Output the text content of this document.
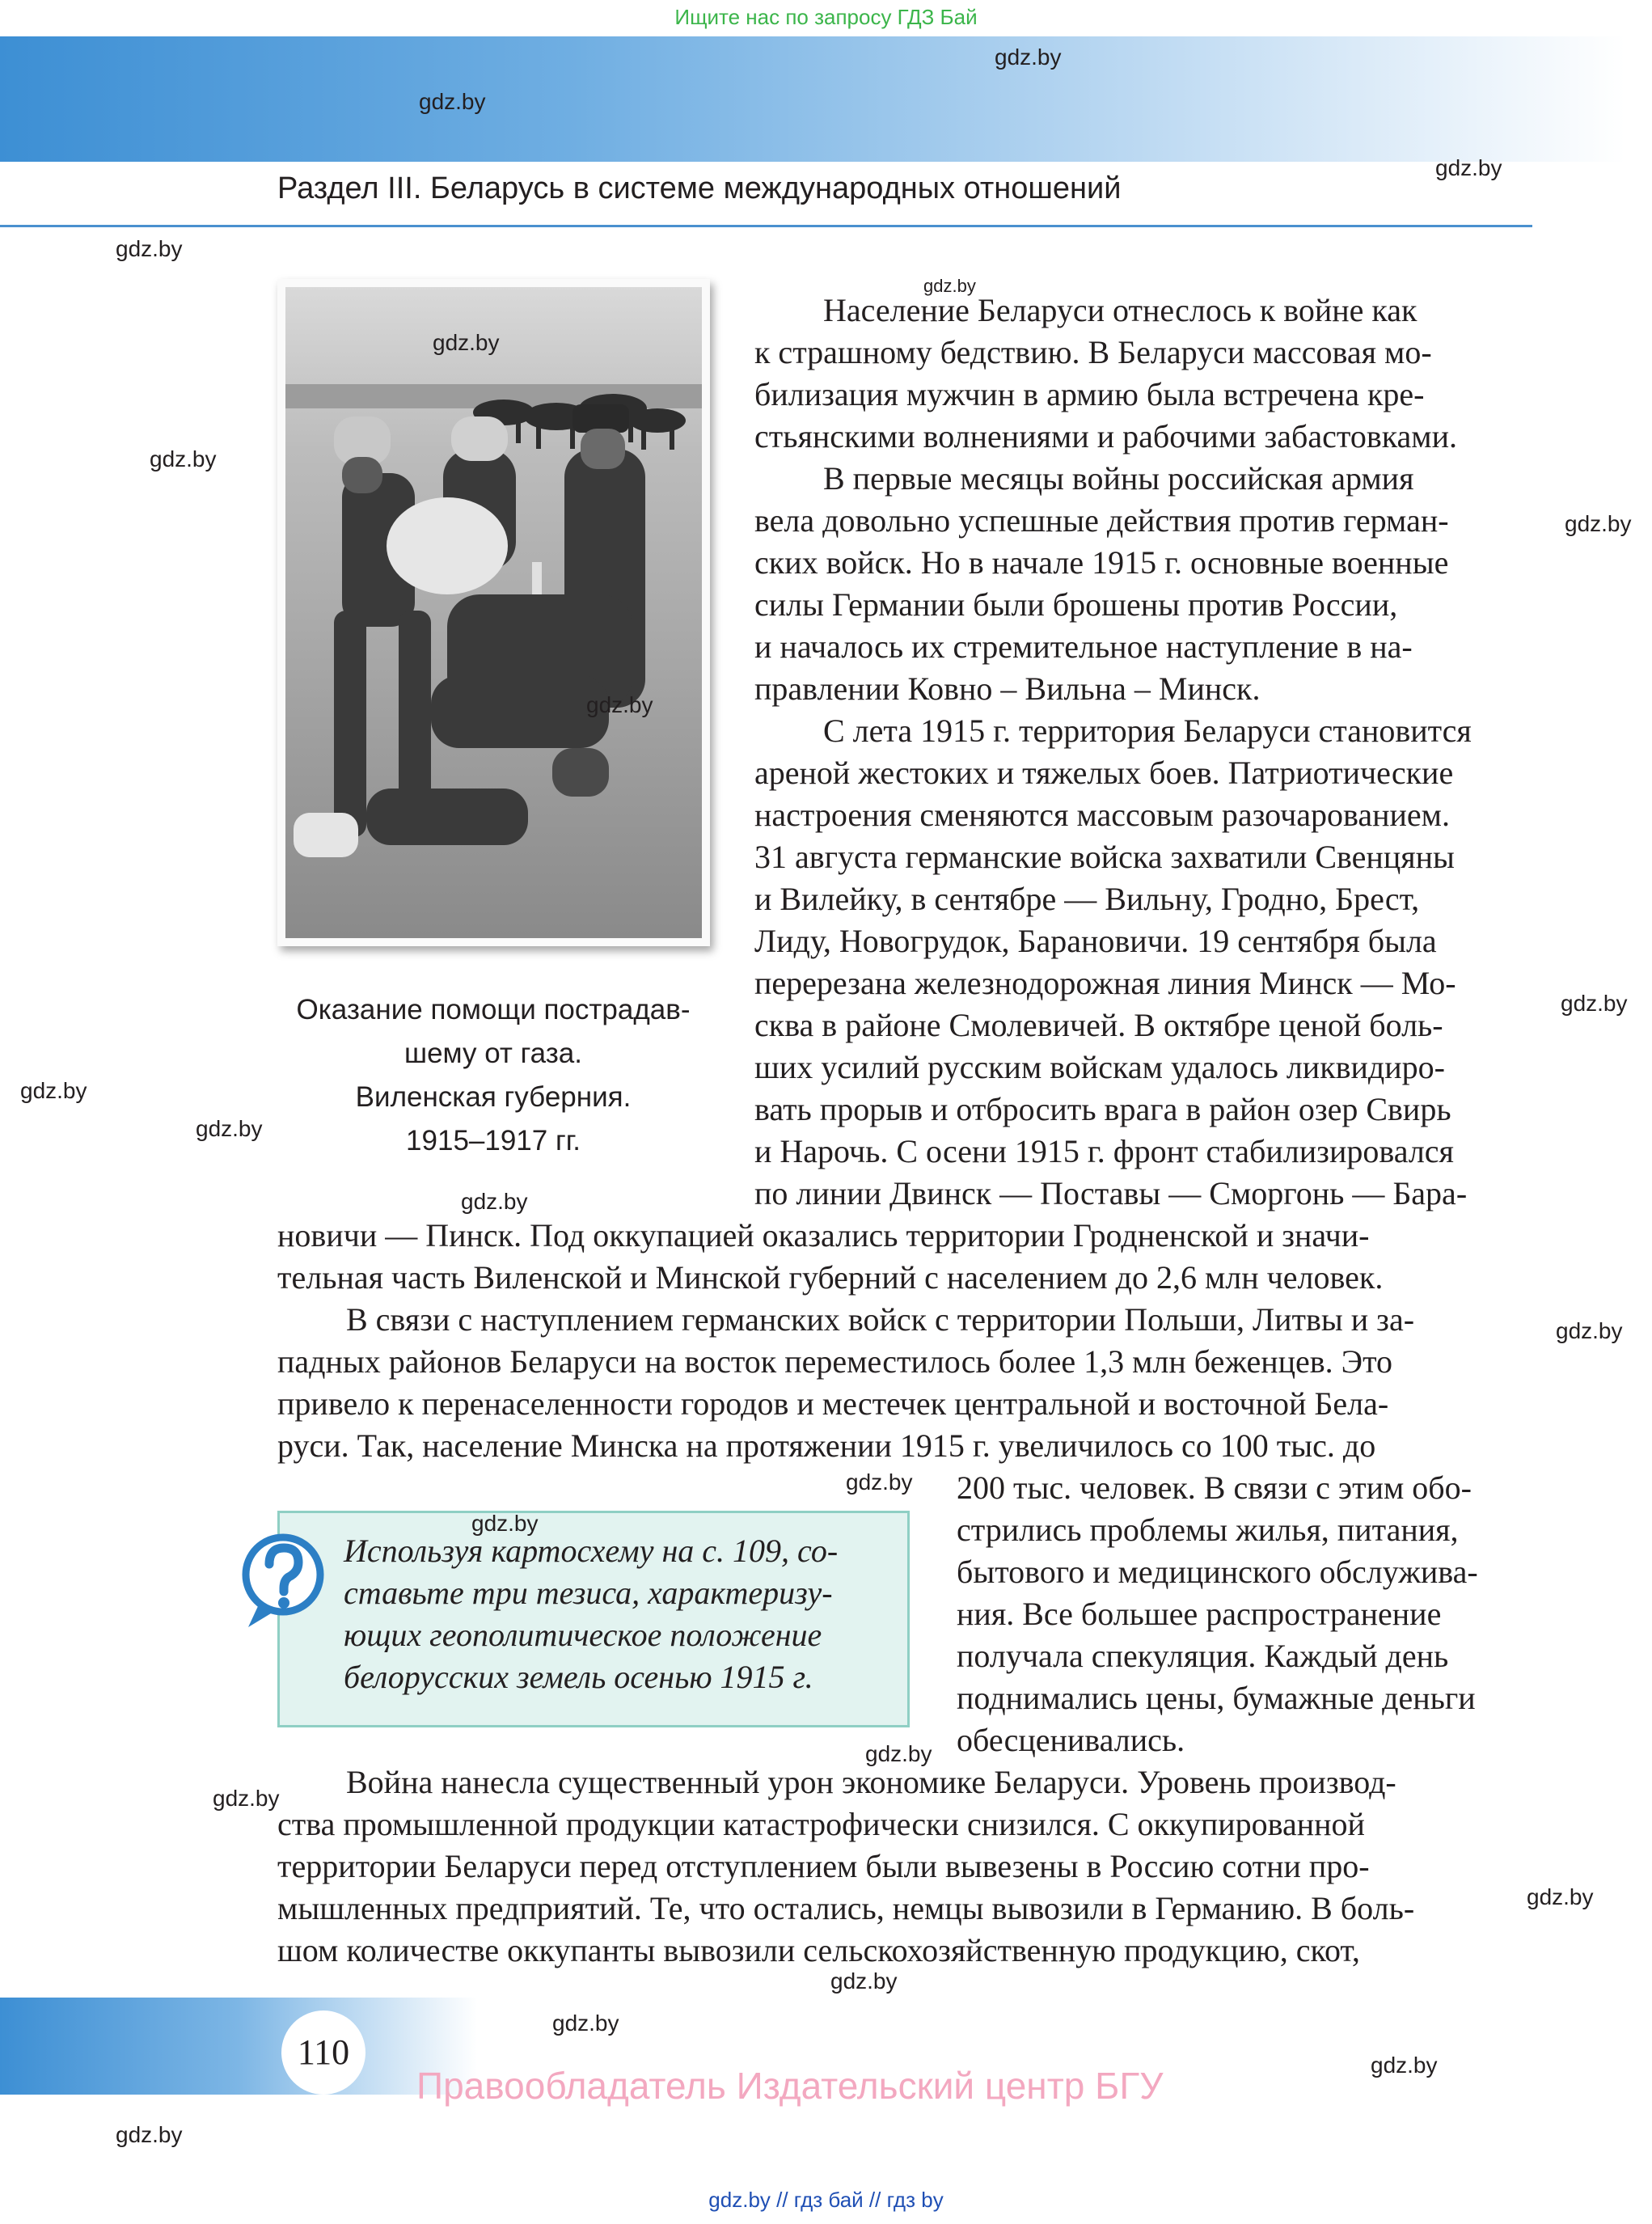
Ищите нас по запросу ГДЗ Бай
Раздел III. Беларусь в системе международных отношений
Оказание помощи пострадав-
шему от газа.
Виленская губерния.
1915–1917 гг.
Население Беларуси отнеслось к войне как
к страшному бедствию. В Беларуси массовая мо-
билизация мужчин в армию была встречена кре-
стьянскими волнениями и рабочими забастовками.
В первые месяцы войны российская армия
вела довольно успешные действия против герман-
ских войск. Но в начале 1915 г. основные военные
силы Германии были брошены против России,
и началось их стремительное наступление в на-
правлении Ковно – Вильна – Минск.
С лета 1915 г. территория Беларуси становится
ареной жестоких и тяжелых боев. Патриотические
настроения сменяются массовым разочарованием.
31 августа германские войска захватили Свенцяны
и Вилейку, в сентябре — Вильну, Гродно, Брест,
Лиду, Новогрудок, Барановичи. 19 сентября была
перерезана железнодорожная линия Минск — Мо-
сква в районе Смолевичей. В октябре ценой боль-
ших усилий русским войскам удалось ликвидиро-
вать прорыв и отбросить врага в район озер Свирь
и Нарочь. С осени 1915 г. фронт стабилизировался
по линии Двинск — Поставы — Сморгонь — Бара-
новичи — Пинск. Под оккупацией оказались территории Гродненской и значи-
тельная часть Виленской и Минской губерний с населением до 2,6 млн человек.
В связи с наступлением германских войск с территории Польши, Литвы и за-
падных районов Беларуси на восток переместилось более 1,3 млн беженцев. Это
привело к перенаселенности городов и местечек центральной и восточной Бела-
руси. Так, население Минска на протяжении 1915 г. увеличилось со 100 тыс. до
200 тыс. человек. В связи с этим обо-
стрились проблемы жилья, питания,
бытового и медицинского обслужива-
ния. Все большее распространение
получала спекуляция. Каждый день
поднимались цены, бумажные деньги
обесценивались.
Война нанесла существенный урон экономике Беларуси. Уровень производ-
ства промышленной продукции катастрофически снизился. С оккупированной
территории Беларуси перед отступлением были вывезены в Россию сотни про-
мышленных предприятий. Те, что остались, немцы вывозили в Германию. В боль-
шом количестве оккупанты вывозили сельскохозяйственную продукцию, скот,
Используя картосхему на с. 109, со-
ставьте три тезиса, характеризу-
ющих геополитическое положение
белорусских земель осенью 1915 г.
110
Правообладатель Издательский центр БГУ
gdz.by
gdz.by
gdz.by
gdz.by
gdz.by
gdz.by
gdz.by
gdz.by
gdz.by
gdz.by
gdz.by
gdz.by
gdz.by
gdz.by
gdz.by
gdz.by
gdz.by
gdz.by
gdz.by
gdz.by
gdz.by
gdz.by
gdz.by
gdz.by // гдз бай // гдз by
